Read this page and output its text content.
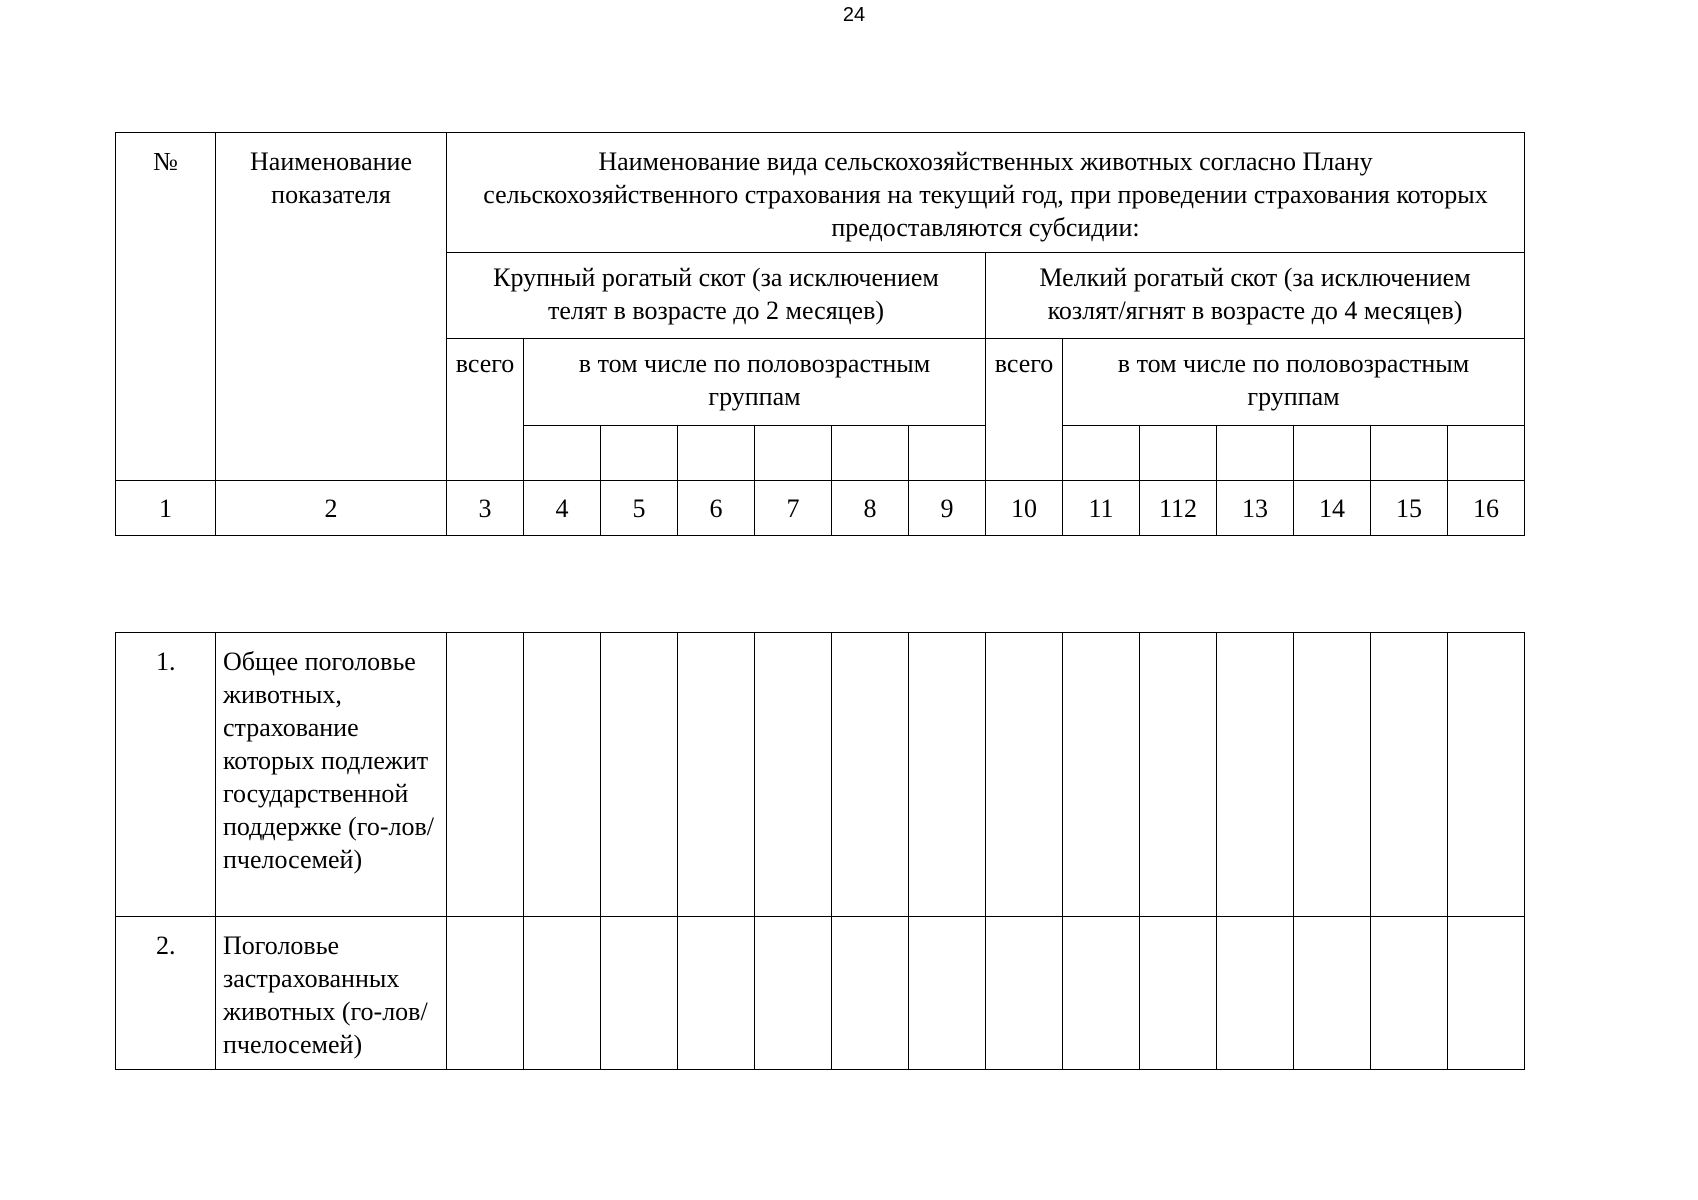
24
№	Наименование показателя	Наименование вида сельскохозяйственных животных согласно Плану сельскохозяйственного страхования на текущий год, при проведении страхования которых предоставляются субсидии:													
		Крупный рогатый скот (за исключением телят в возрасте до 2 месяцев)							Мелкий рогатый скот (за исключением козлят/ягнят в возрасте до 4 месяцев)						
		всего	в том числе по половозрастным группам						всего	в том числе по половозрастным группам					

1	2	3	4	5	6	7	8	9	10	11	112	13	14	15	16
1.	Общее поголовье животных, страхование которых подлежит государственной поддержке (го-лов/пчелосемей)														
2.	Поголовье застрахованных животных (го-лов/пчелосемей)														
